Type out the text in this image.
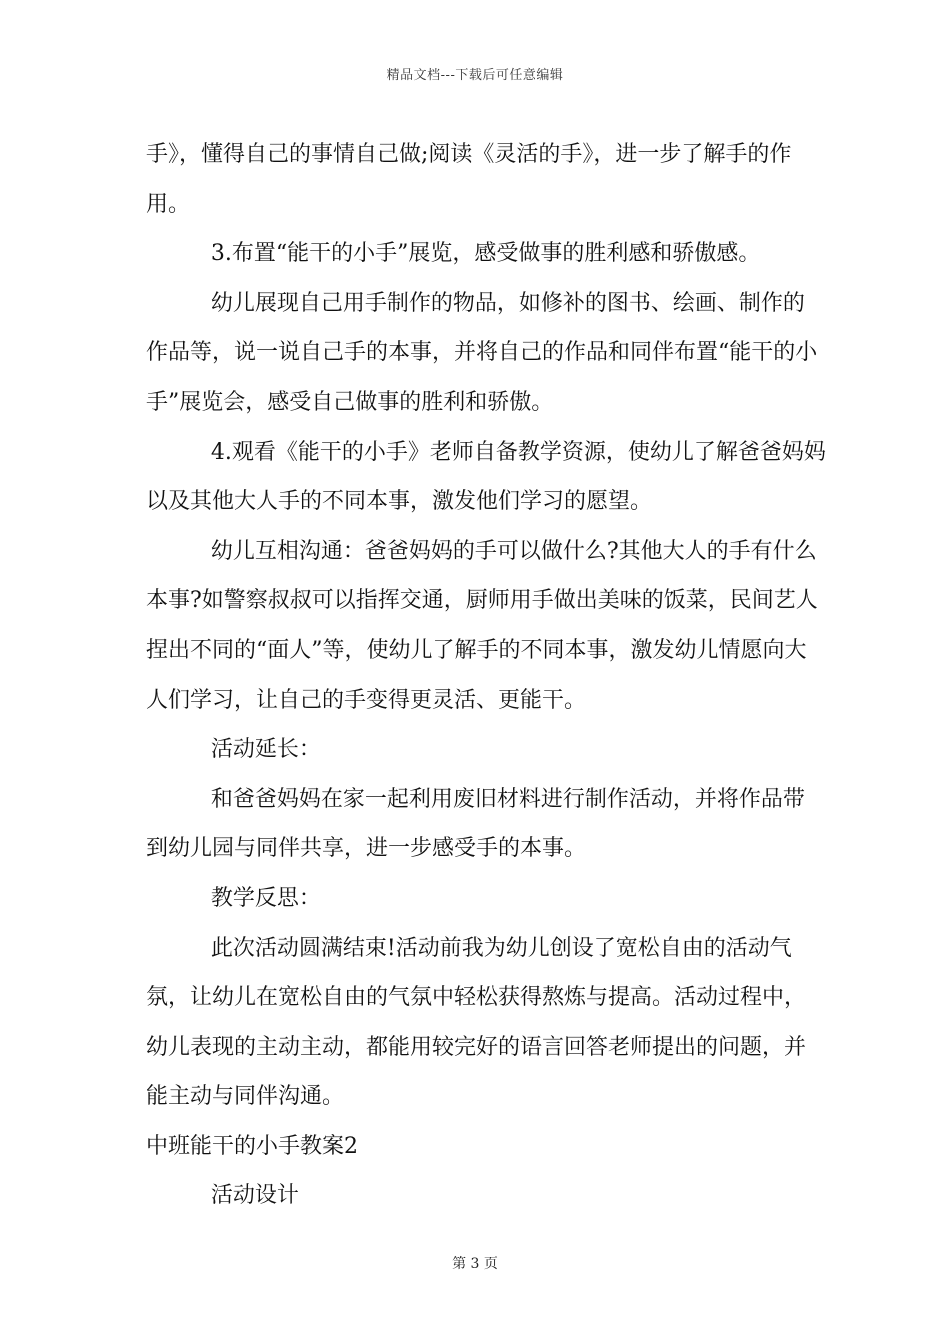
精品文档---下载后可任意编辑

手》，懂得自己的事情自己做;阅读《灵活的手》，进一步了解手的作用。

3.布置“能干的小手”展览，感受做事的胜利感和骄傲感。

幼儿展现自己用手制作的物品，如修补的图书、绘画、制作的作品等，说一说自己手的本事，并将自己的作品和同伴布置“能干的小手”展览会，感受自己做事的胜利和骄傲。

4.观看《能干的小手》老师自备教学资源，使幼儿了解爸爸妈妈以及其他大人手的不同本事，激发他们学习的愿望。

幼儿互相沟通：爸爸妈妈的手可以做什么?其他大人的手有什么本事?如警察叔叔可以指挥交通，厨师用手做出美味的饭菜，民间艺人捏出不同的“面人”等，使幼儿了解手的不同本事，激发幼儿情愿向大人们学习，让自己的手变得更灵活、更能干。

活动延长：

和爸爸妈妈在家一起利用废旧材料进行制作活动，并将作品带到幼儿园与同伴共享，进一步感受手的本事。

教学反思：

此次活动圆满结束!活动前我为幼儿创设了宽松自由的活动气氛，让幼儿在宽松自由的气氛中轻松获得熬炼与提高。活动过程中，幼儿表现的主动主动，都能用较完好的语言回答老师提出的问题，并能主动与同伴沟通。

中班能干的小手教案2

活动设计

第 3 页
